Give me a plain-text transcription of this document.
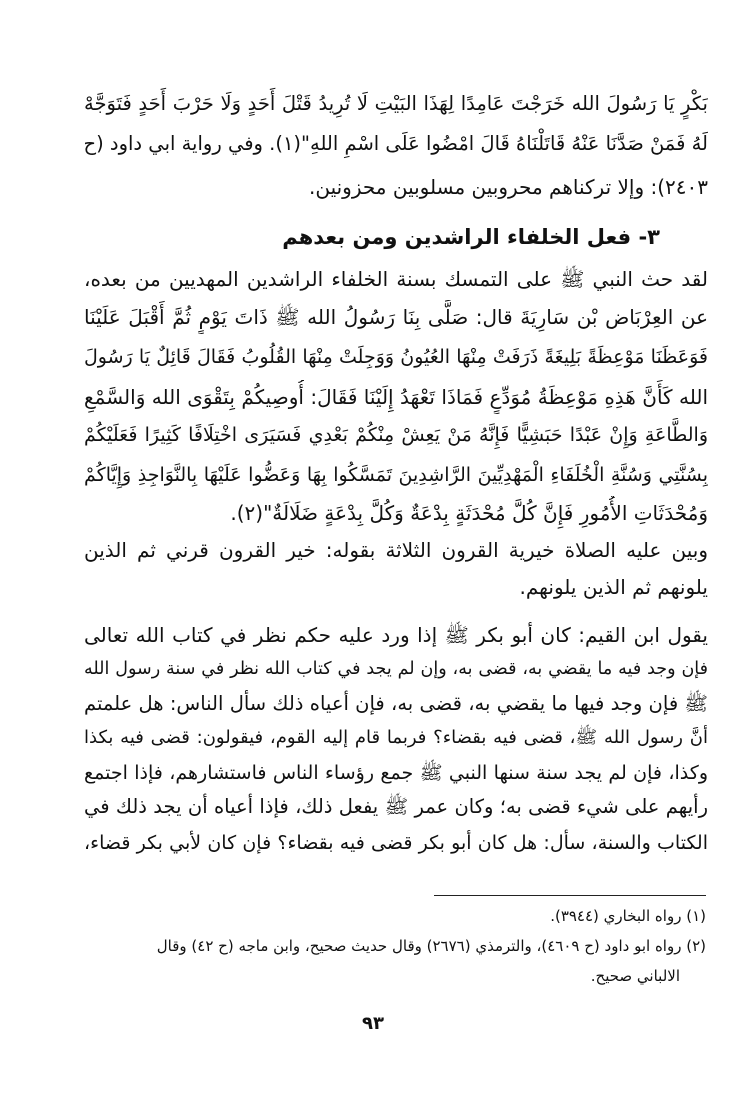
بَكْرٍ يَا رَسُولَ الله خَرَجْتَ عَامِدًا لِهَذَا البَيْتِ لَا تُرِيدُ قَتْلَ أَحَدٍ وَلَا حَرْبَ أَحَدٍ فَتَوَجَّهْ
لَهُ فَمَنْ صَدَّنَا عَنْهُ قَاتَلْنَاهُ قَالَ امْضُوا عَلَى اسْمِ اللهِ"(١). وفي رواية ابي داود (ح
٢٤٠٣): وإلا تركناهم محروبين مسلوبين محزونين.
٣- فعل الخلفاء الراشدين ومن بعدهم
لقد حث النبي ﷺ على التمسك بسنة الخلفاء الراشدين المهديين من بعده،
عن العِرْبَاض بْن سَارِيَةَ قال: صَلَّى بِنَا رَسُولُ الله ﷺ ذَاتَ يَوْمٍ ثُمَّ أَقْبَلَ عَلَيْنَا
فَوَعَظَنَا مَوْعِظَةً بَلِيغَةً ذَرَفَتْ مِنْهَا العُيُونُ وَوَجِلَتْ مِنْهَا القُلُوبُ فَقَالَ قَائِلٌ يَا رَسُولَ
الله كَأَنَّ هَذِهِ مَوْعِظَةُ مُوَدِّعٍ فَمَاذَا تَعْهَدُ إِلَيْنَا فَقَالَ: أُوصِيكُمْ بِتَقْوَى الله وَالسَّمْعِ
وَالطَّاعَةِ وَإِنْ عَبْدًا حَبَشِيًّا فَإِنَّهُ مَنْ يَعِشْ مِنْكُمْ بَعْدِي فَسَيَرَى اخْتِلَافًا كَثِيرًا فَعَلَيْكُمْ
بِسُنَّتِي وَسُنَّةِ الْخُلَفَاءِ الْمَهْدِيِّينَ الرَّاشِدِينَ تَمَسَّكُوا بِهَا وَعَضُّوا عَلَيْهَا بِالنَّوَاجِذِ وَإِيَّاكُمْ
وَمُحْدَثَاتِ الأُمُورِ فَإِنَّ كُلَّ مُحْدَثَةٍ بِدْعَةٌ وَكُلَّ بِدْعَةٍ ضَلَالَةٌ"(٢).
وبين عليه الصلاة خيرية القرون الثلاثة بقوله: خير القرون قرني ثم الذين
يلونهم ثم الذين يلونهم.
يقول ابن القيم: كان أبو بكر ﷺ إذا ورد عليه حكم نظر في كتاب الله تعالى
فإن وجد فيه ما يقضي به، قضى به، وإن لم يجد في كتاب الله نظر في سنة رسول الله
ﷺ فإن وجد فيها ما يقضي به، قضى به، فإن أعياه ذلك سأل الناس: هل علمتم
أنَّ رسول الله ﷺ، قضى فيه بقضاء؟ فربما قام إليه القوم، فيقولون: قضى فيه بكذا
وكذا، فإن لم يجد سنة سنها النبي ﷺ جمع رؤساء الناس فاستشارهم، فإذا اجتمع
رأيهم على شيء قضى به؛ وكان عمر ﷺ يفعل ذلك، فإذا أعياه أن يجد ذلك في
الكتاب والسنة، سأل: هل كان أبو بكر قضى فيه بقضاء؟ فإن كان لأبي بكر قضاء،
(١) رواه البخاري (٣٩٤٤).
(٢) رواه ابو داود (ح ٤٦٠٩)، والترمذي (٢٦٧٦) وقال حديث صحيح، وابن ماجه (ح ٤٢) وقال
الالباني صحيح.
٩٣
